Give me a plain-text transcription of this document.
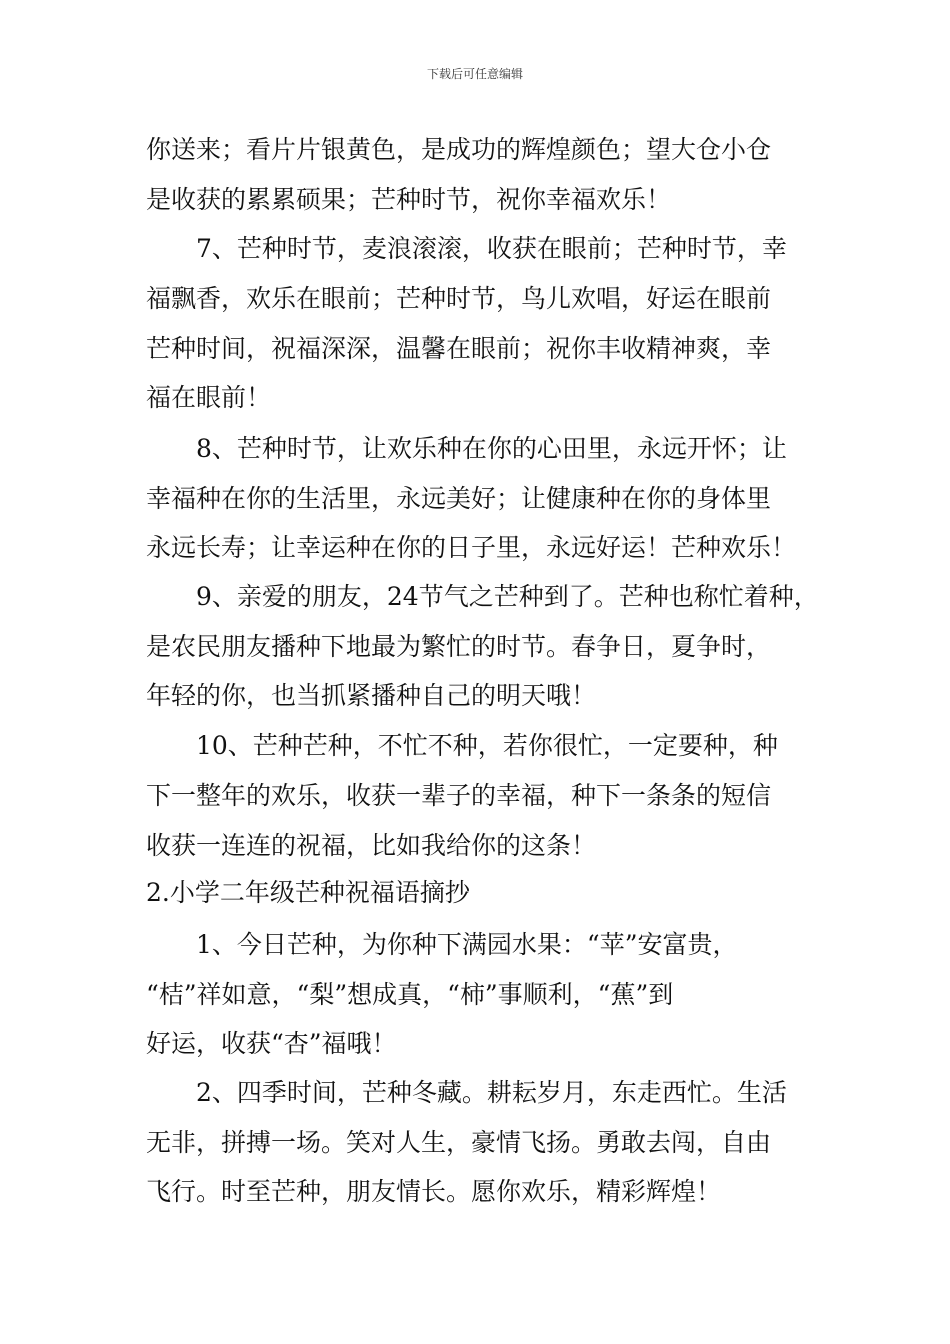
下载后可任意编辑
你送来；看片片银黄色，是成功的辉煌颜色；望大仓小仓
是收获的累累硕果；芒种时节，祝你幸福欢乐！
7、芒种时节，麦浪滚滚，收获在眼前；芒种时节，幸
福飘香，欢乐在眼前；芒种时节，鸟儿欢唱，好运在眼前
芒种时间，祝福深深，温馨在眼前；祝你丰收精神爽，幸
福在眼前！
8、芒种时节，让欢乐种在你的心田里，永远开怀；让
幸福种在你的生活里，永远美好；让健康种在你的身体里
永远长寿；让幸运种在你的日子里，永远好运！芒种欢乐！
9、亲爱的朋友，24节气之芒种到了。芒种也称忙着种，
是农民朋友播种下地最为繁忙的时节。春争日，夏争时，
年轻的你，也当抓紧播种自己的明天哦！
10、芒种芒种，不忙不种，若你很忙，一定要种，种
下一整年的欢乐，收获一辈子的幸福，种下一条条的短信
收获一连连的祝福，比如我给你的这条！
2.小学二年级芒种祝福语摘抄
1、今日芒种，为你种下满园水果：“苹”安富贵，
“桔”祥如意，“梨”想成真，“柿”事顺利，“蕉”到
好运，收获“杏”福哦！
2、四季时间，芒种冬藏。耕耘岁月，东走西忙。生活
无非，拼搏一场。笑对人生，豪情飞扬。勇敢去闯，自由
飞行。时至芒种，朋友情长。愿你欢乐，精彩辉煌！
